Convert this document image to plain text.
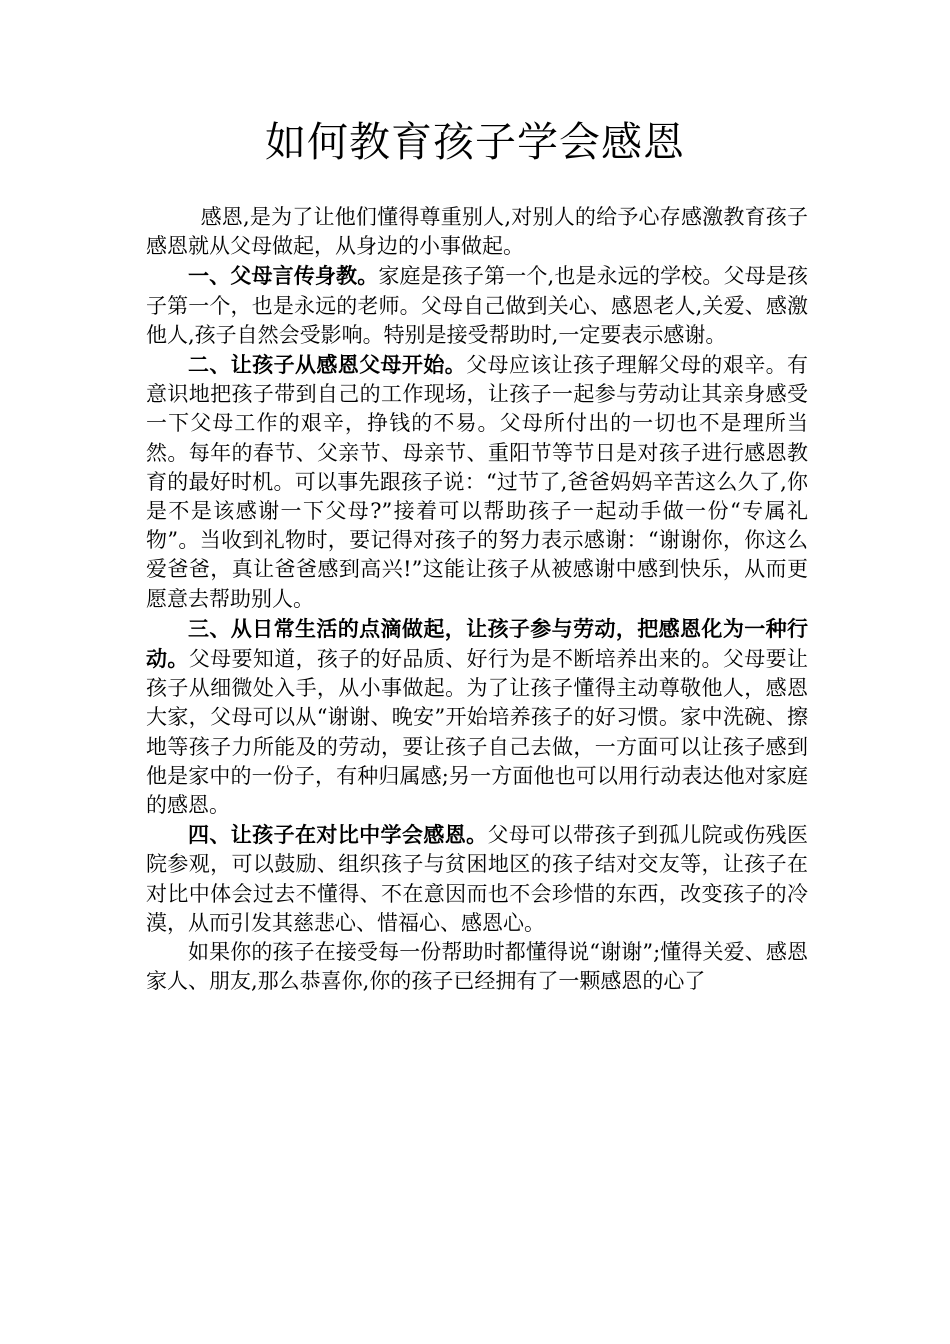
如何教育孩子学会感恩

感恩,是为了让他们懂得尊重别人,对别人的给予心存感激教育孩子感恩就从父母做起，从身边的小事做起。

一、父母言传身教。家庭是孩子第一个,也是永远的学校。父母是孩子第一个，也是永远的老师。父母自己做到关心、感恩老人,关爱、感激他人,孩子自然会受影响。特别是接受帮助时,一定要表示感谢。

二、让孩子从感恩父母开始。父母应该让孩子理解父母的艰辛。有意识地把孩子带到自己的工作现场，让孩子一起参与劳动让其亲身感受一下父母工作的艰辛，挣钱的不易。父母所付出的一切也不是理所当然。每年的春节、父亲节、母亲节、重阳节等节日是对孩子进行感恩教育的最好时机。可以事先跟孩子说：“过节了,爸爸妈妈辛苦这么久了,你是不是该感谢一下父母?”接着可以帮助孩子一起动手做一份“专属礼物”。当收到礼物时，要记得对孩子的努力表示感谢：“谢谢你，你这么爱爸爸，真让爸爸感到高兴!”这能让孩子从被感谢中感到快乐，从而更愿意去帮助别人。

三、从日常生活的点滴做起，让孩子参与劳动，把感恩化为一种行动。父母要知道，孩子的好品质、好行为是不断培养出来的。父母要让孩子从细微处入手，从小事做起。为了让孩子懂得主动尊敬他人，感恩大家，父母可以从“谢谢、晚安”开始培养孩子的好习惯。家中洗碗、擦地等孩子力所能及的劳动，要让孩子自己去做，一方面可以让孩子感到他是家中的一份子，有种归属感;另一方面他也可以用行动表达他对家庭的感恩。

四、让孩子在对比中学会感恩。父母可以带孩子到孤儿院或伤残医院参观，可以鼓励、组织孩子与贫困地区的孩子结对交友等，让孩子在对比中体会过去不懂得、不在意因而也不会珍惜的东西，改变孩子的冷漠，从而引发其慈悲心、惜福心、感恩心。

如果你的孩子在接受每一份帮助时都懂得说“谢谢”;懂得关爱、感恩家人、朋友,那么恭喜你,你的孩子已经拥有了一颗感恩的心了
